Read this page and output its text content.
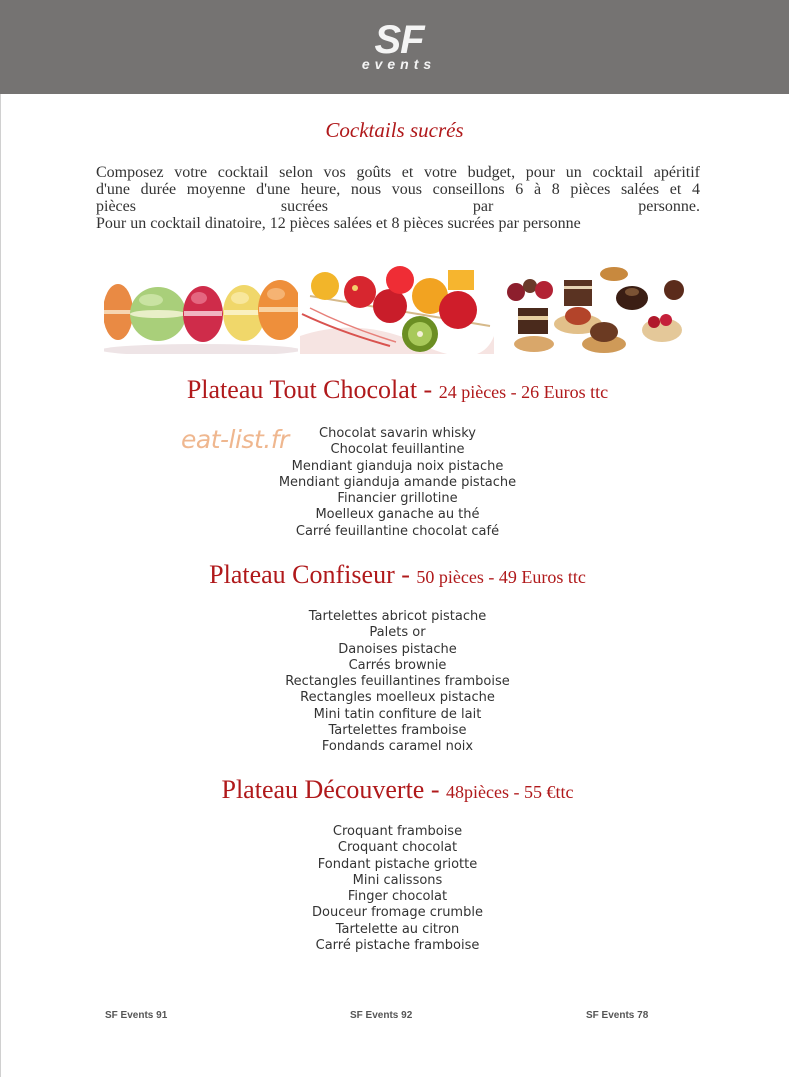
SF
events
Cocktails sucrés

Composez votre cocktail selon vos goûts et votre budget, pour un cocktail apéritif

d'une durée moyenne d'une heure, nous vous conseillons 6 à 8 pièces salées et 4

pièces sucrées par personne.

Pour un cocktail dinatoire, 12 pièces salées et 8 pièces sucrées par personne

eat-list.fr
Plateau Tout Chocolat - 24 pièces - 26 Euros ttc
Chocolat savarin whisky
Chocolat feuillantine
Mendiant gianduja noix pistache
Mendiant gianduja amande pistache
Financier grillotine
Moelleux ganache au thé
Carré feuillantine chocolat café
Plateau Confiseur - 50 pièces - 49 Euros ttc
Tartelettes abricot pistache
Palets or
Danoises pistache
Carrés brownie
Rectangles feuillantines framboise
Rectangles moelleux pistache
Mini tatin confiture de lait
Tartelettes framboise
Fondands caramel noix
Plateau Découverte - 48pièces - 55 €ttc
Croquant framboise
Croquant chocolat
Fondant pistache griotte
Mini calissons
Finger chocolat
Douceur fromage crumble
Tartelette au citron
Carré pistache framboise
SF Events 91	SF Events 92	SF Events 78
